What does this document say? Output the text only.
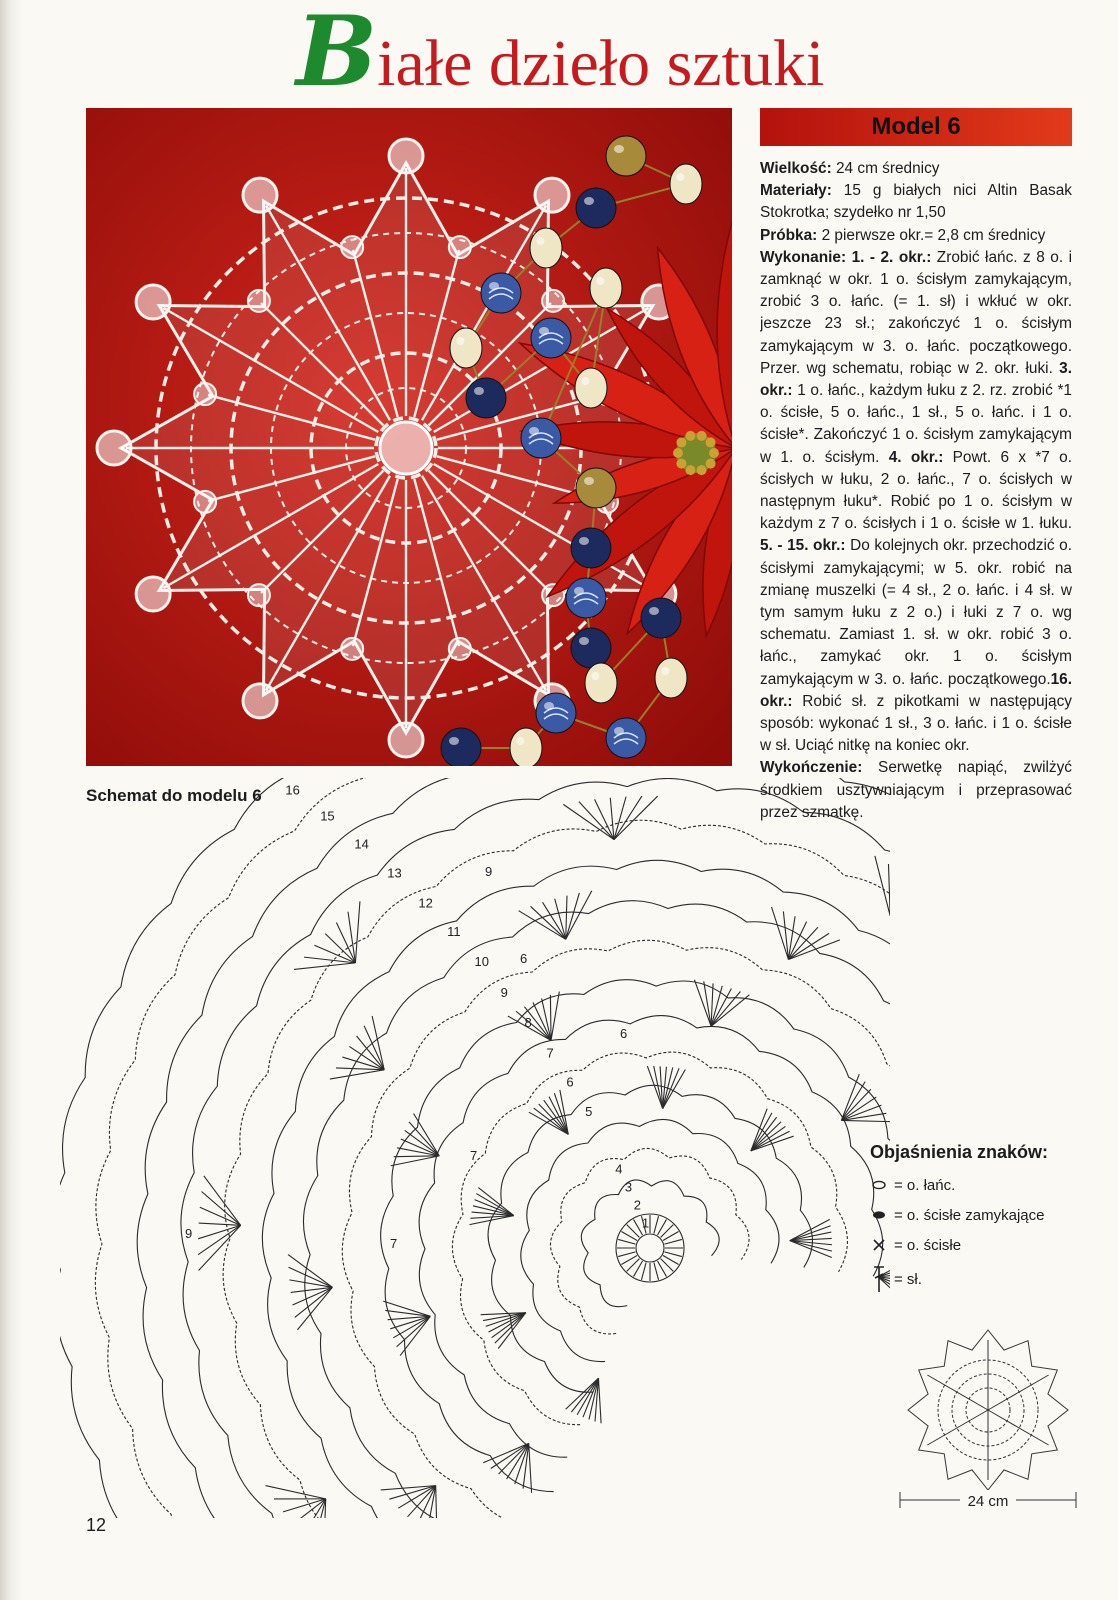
Białe dzieło sztuki
Model 6

Wielkość: 24 cm średnicy

Materiały: 15 g białych nici Altin Basak Stokrotka; szydełko nr 1,50

Próbka: 2 pierwsze okr.= 2,8 cm średnicy

Wykonanie: 1. - 2. okr.: Zrobić łańc. z 8 o. i zamknąć w okr. 1 o. ścisłym zamykającym, zrobić 3 o. łańc. (= 1. sł) i wkłuć w okr. jeszcze 23 sł.; zakończyć 1 o. ścisłym zamykającym w 3. o. łańc. początkowego. Przer. wg schematu, robiąc w 2. okr. łuki. 3. okr.: 1 o. łańc., każdym łuku z 2. rz. zrobić *1 o. ścisłe, 5 o. łańc., 1 sł., 5 o. łańc. i 1 o. ścisłe*. Zakończyć 1 o. ścisłym zamykającym w 1. o. ścisłym. 4. okr.: Powt. 6 x *7 o. ścisłych w łuku, 2 o. łańc., 7 o. ścisłych w następnym łuku*. Robić po 1 o. ścisłym w każdym z 7 o. ścisłych i 1 o. ścisłe w 1. łuku. 5. - 15. okr.: Do kolejnych okr. przechodzić o. ścisłymi zamykającymi; w 5. okr. robić na zmianę muszelki (= 4 sł., 2 o. łańc. i 4 sł. w tym samym łuku z 2 o.) i łuki z 7 o. wg schematu. Zamiast 1. sł. w okr. robić 3 o. łańc., zamykać okr. 1 o. ścisłym zamykającym w 3. o. łańc. początkowego.16. okr.: Robić sł. z pikotkami w następujący sposób: wykonać 1 sł., 3 o. łańc. i 1 o. ścisłe w sł. Uciąć nitkę na koniec okr.

Wykończenie: Serwetkę napiąć, zwilżyć środkiem usztywniającym i przeprasować przez szmatkę.

Schemat do modelu 6
1
2
3
4
5
6
7
8
9
10
11
12
13
14
15
16
9
7
6
9
7
6
Objaśnienia znaków:
= o. łańc.
= o. ścisłe zamykające
= o. ścisłe
= sł.
24 cm
12
